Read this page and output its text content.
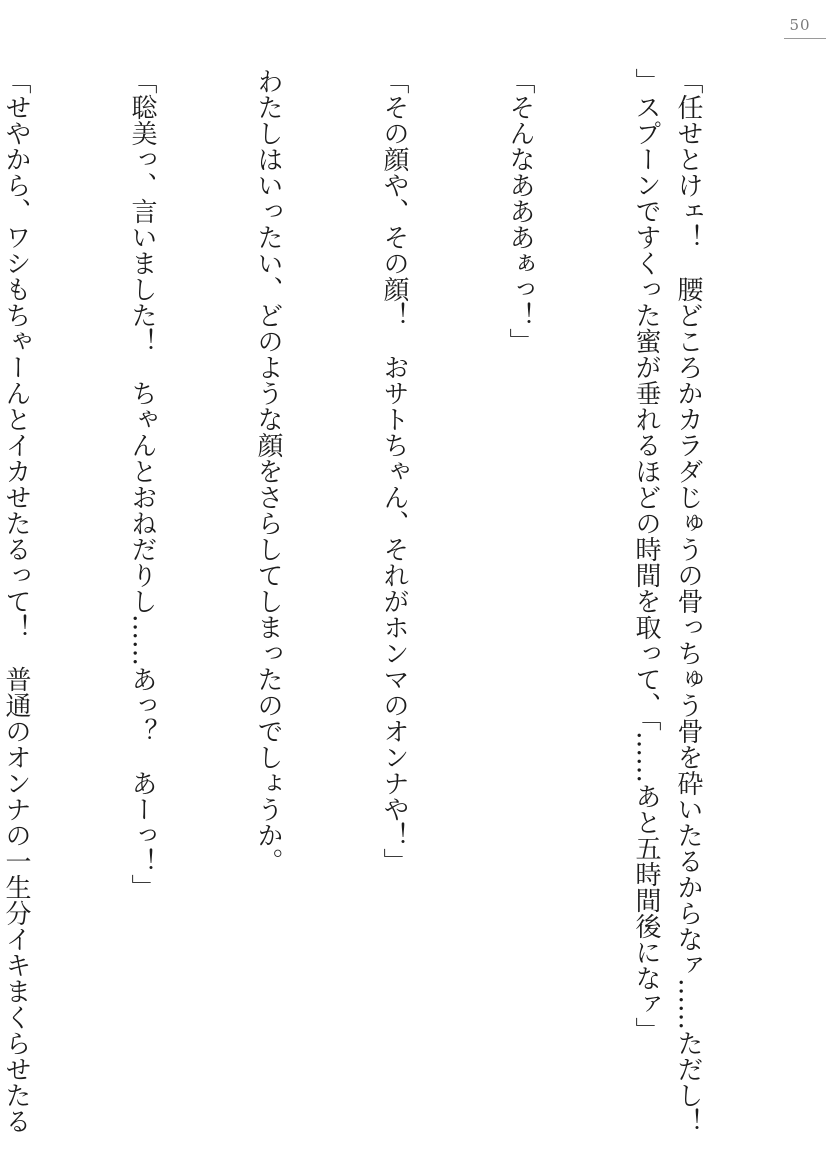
50

「任せとけェ！　腰どころかカラダじゅうの骨っちゅう骨を砕いたるからなァ……ただし！」スプーンですくった蜜が垂れるほどの時間を取って、「……あと五時間後になァ」

「そんなあああぁっ！」

「その顔や、その顔！　おサトちゃん、それがホンマのオンナや！」

わたしはいったい、どのような顔をさらしてしまったのでしょうか。

「聡美っ、言いました！　ちゃんとおねだりし……あっ？　あーっ！」

「せやから、ワシもちゃーんとイカせたるって！　普通のオンナの一生分イキまくらせたる
